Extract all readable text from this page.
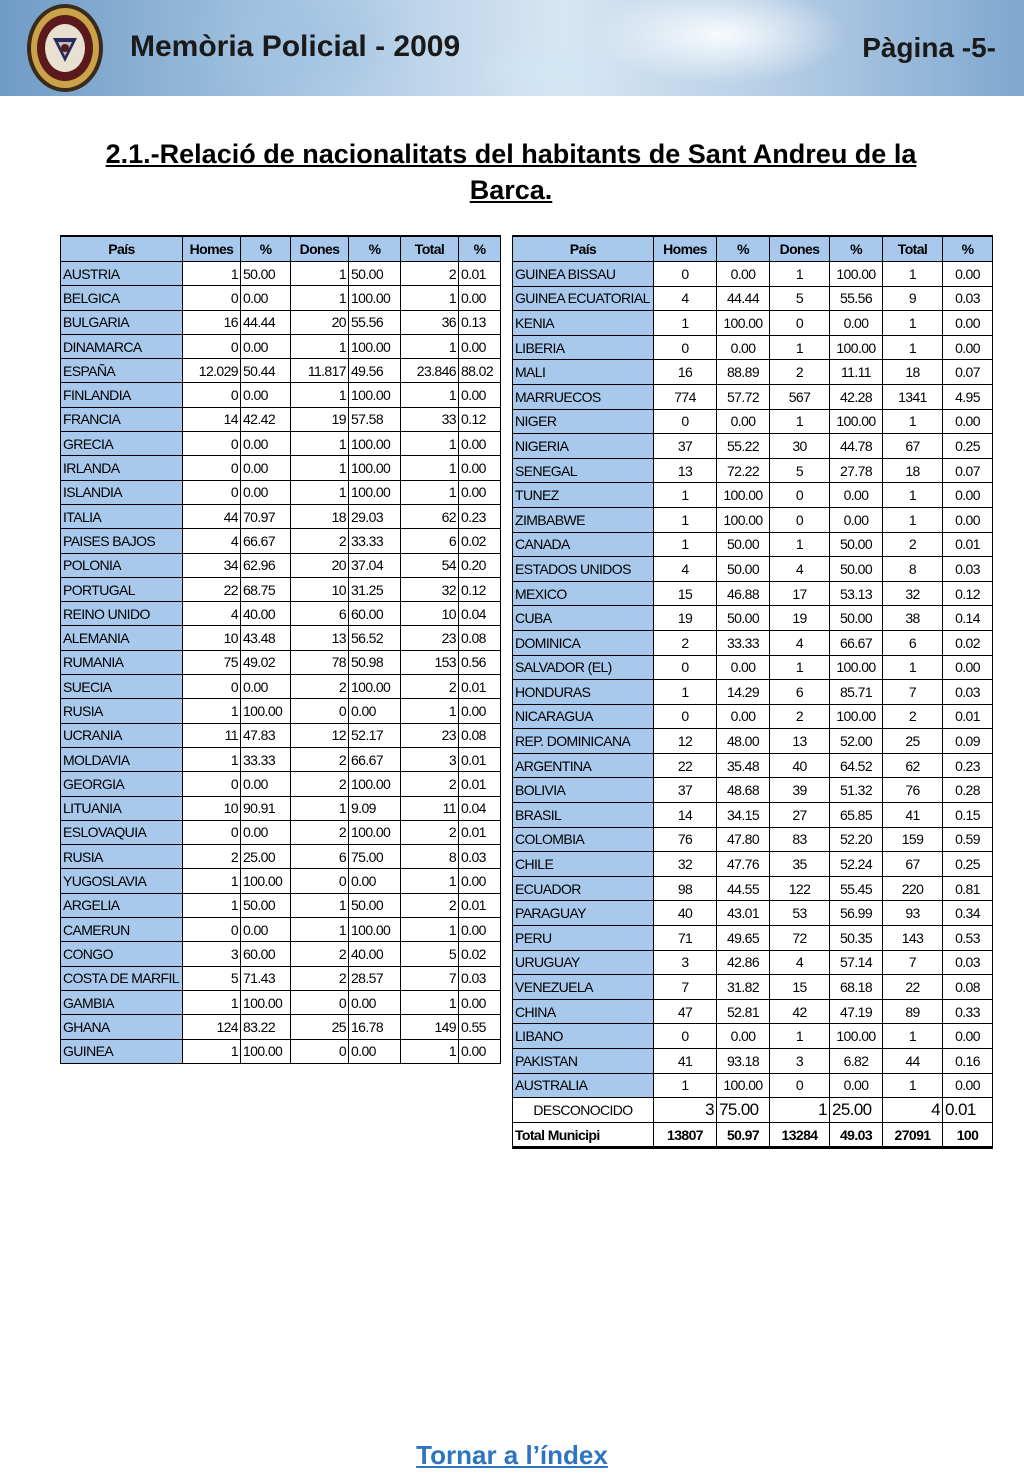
Memòria Policial - 2009	Pàgina -5-
2.1.-Relació de nacionalitats del habitants de Sant Andreu de la
Barca.
País	Homes	%	Dones	%	Total	%
AUSTRIA	1	50.00	1	50.00	2	0.01
BELGICA	0	0.00	1	100.00	1	0.00
BULGARIA	16	44.44	20	55.56	36	0.13
DINAMARCA	0	0.00	1	100.00	1	0.00
ESPAÑA	12.029	50.44	11.817	49.56	23.846	88.02
FINLANDIA	0	0.00	1	100.00	1	0.00
FRANCIA	14	42.42	19	57.58	33	0.12
GRECIA	0	0.00	1	100.00	1	0.00
IRLANDA	0	0.00	1	100.00	1	0.00
ISLANDIA	0	0.00	1	100.00	1	0.00
ITALIA	44	70.97	18	29.03	62	0.23
PAISES BAJOS	4	66.67	2	33.33	6	0.02
POLONIA	34	62.96	20	37.04	54	0.20
PORTUGAL	22	68.75	10	31.25	32	0.12
REINO UNIDO	4	40.00	6	60.00	10	0.04
ALEMANIA	10	43.48	13	56.52	23	0.08
RUMANIA	75	49.02	78	50.98	153	0.56
SUECIA	0	0.00	2	100.00	2	0.01
RUSIA	1	100.00	0	0.00	1	0.00
UCRANIA	11	47.83	12	52.17	23	0.08
MOLDAVIA	1	33.33	2	66.67	3	0.01
GEORGIA	0	0.00	2	100.00	2	0.01
LITUANIA	10	90.91	1	9.09	11	0.04
ESLOVAQUIA	0	0.00	2	100.00	2	0.01
RUSIA	2	25.00	6	75.00	8	0.03
YUGOSLAVIA	1	100.00	0	0.00	1	0.00
ARGELIA	1	50.00	1	50.00	2	0.01
CAMERUN	0	0.00	1	100.00	1	0.00
CONGO	3	60.00	2	40.00	5	0.02
COSTA DE MARFIL	5	71.43	2	28.57	7	0.03
GAMBIA	1	100.00	0	0.00	1	0.00
GHANA	124	83.22	25	16.78	149	0.55
GUINEA	1	100.00	0	0.00	1	0.00
País	Homes	%	Dones	%	Total	%
GUINEA BISSAU	0	0.00	1	100.00	1	0.00
GUINEA ECUATORIAL	4	44.44	5	55.56	9	0.03
KENIA	1	100.00	0	0.00	1	0.00
LIBERIA	0	0.00	1	100.00	1	0.00
MALI	16	88.89	2	11.11	18	0.07
MARRUECOS	774	57.72	567	42.28	1341	4.95
NIGER	0	0.00	1	100.00	1	0.00
NIGERIA	37	55.22	30	44.78	67	0.25
SENEGAL	13	72.22	5	27.78	18	0.07
TUNEZ	1	100.00	0	0.00	1	0.00
ZIMBABWE	1	100.00	0	0.00	1	0.00
CANADA	1	50.00	1	50.00	2	0.01
ESTADOS UNIDOS	4	50.00	4	50.00	8	0.03
MEXICO	15	46.88	17	53.13	32	0.12
CUBA	19	50.00	19	50.00	38	0.14
DOMINICA	2	33.33	4	66.67	6	0.02
SALVADOR (EL)	0	0.00	1	100.00	1	0.00
HONDURAS	1	14.29	6	85.71	7	0.03
NICARAGUA	0	0.00	2	100.00	2	0.01
REP. DOMINICANA	12	48.00	13	52.00	25	0.09
ARGENTINA	22	35.48	40	64.52	62	0.23
BOLIVIA	37	48.68	39	51.32	76	0.28
BRASIL	14	34.15	27	65.85	41	0.15
COLOMBIA	76	47.80	83	52.20	159	0.59
CHILE	32	47.76	35	52.24	67	0.25
ECUADOR	98	44.55	122	55.45	220	0.81
PARAGUAY	40	43.01	53	56.99	93	0.34
PERU	71	49.65	72	50.35	143	0.53
URUGUAY	3	42.86	4	57.14	7	0.03
VENEZUELA	7	31.82	15	68.18	22	0.08
CHINA	47	52.81	42	47.19	89	0.33
LIBANO	0	0.00	1	100.00	1	0.00
PAKISTAN	41	93.18	3	6.82	44	0.16
AUSTRALIA	1	100.00	0	0.00	1	0.00
DESCONOCIDO	3	75.00	1	25.00	4	0.01
Total Municipi	13807	50.97	13284	49.03	27091	100
Tornar a l’índex
